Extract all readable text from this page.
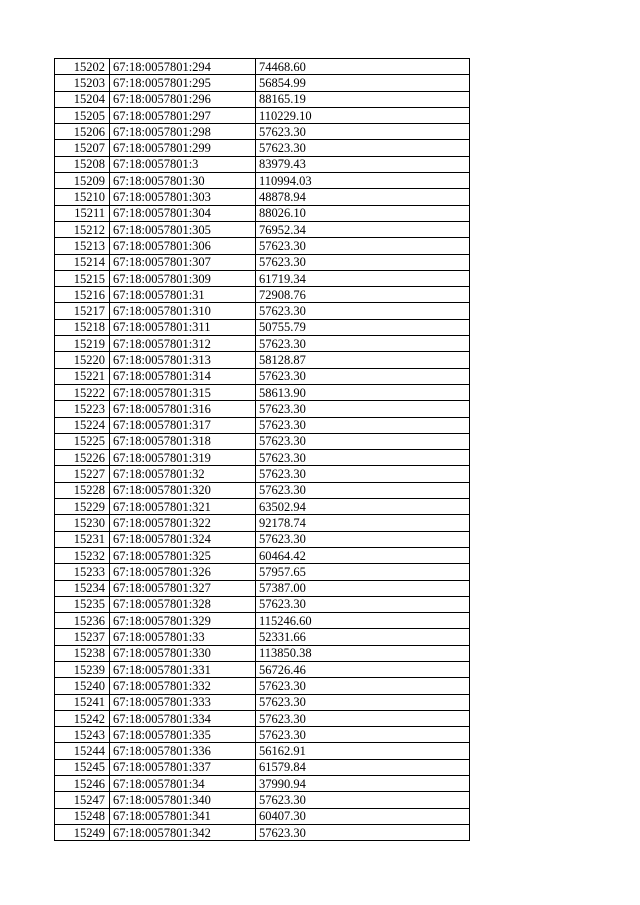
15202	67:18:0057801:294	74468.60
15203	67:18:0057801:295	56854.99
15204	67:18:0057801:296	88165.19
15205	67:18:0057801:297	110229.10
15206	67:18:0057801:298	57623.30
15207	67:18:0057801:299	57623.30
15208	67:18:0057801:3	83979.43
15209	67:18:0057801:30	110994.03
15210	67:18:0057801:303	48878.94
15211	67:18:0057801:304	88026.10
15212	67:18:0057801:305	76952.34
15213	67:18:0057801:306	57623.30
15214	67:18:0057801:307	57623.30
15215	67:18:0057801:309	61719.34
15216	67:18:0057801:31	72908.76
15217	67:18:0057801:310	57623.30
15218	67:18:0057801:311	50755.79
15219	67:18:0057801:312	57623.30
15220	67:18:0057801:313	58128.87
15221	67:18:0057801:314	57623.30
15222	67:18:0057801:315	58613.90
15223	67:18:0057801:316	57623.30
15224	67:18:0057801:317	57623.30
15225	67:18:0057801:318	57623.30
15226	67:18:0057801:319	57623.30
15227	67:18:0057801:32	57623.30
15228	67:18:0057801:320	57623.30
15229	67:18:0057801:321	63502.94
15230	67:18:0057801:322	92178.74
15231	67:18:0057801:324	57623.30
15232	67:18:0057801:325	60464.42
15233	67:18:0057801:326	57957.65
15234	67:18:0057801:327	57387.00
15235	67:18:0057801:328	57623.30
15236	67:18:0057801:329	115246.60
15237	67:18:0057801:33	52331.66
15238	67:18:0057801:330	113850.38
15239	67:18:0057801:331	56726.46
15240	67:18:0057801:332	57623.30
15241	67:18:0057801:333	57623.30
15242	67:18:0057801:334	57623.30
15243	67:18:0057801:335	57623.30
15244	67:18:0057801:336	56162.91
15245	67:18:0057801:337	61579.84
15246	67:18:0057801:34	37990.94
15247	67:18:0057801:340	57623.30
15248	67:18:0057801:341	60407.30
15249	67:18:0057801:342	57623.30
